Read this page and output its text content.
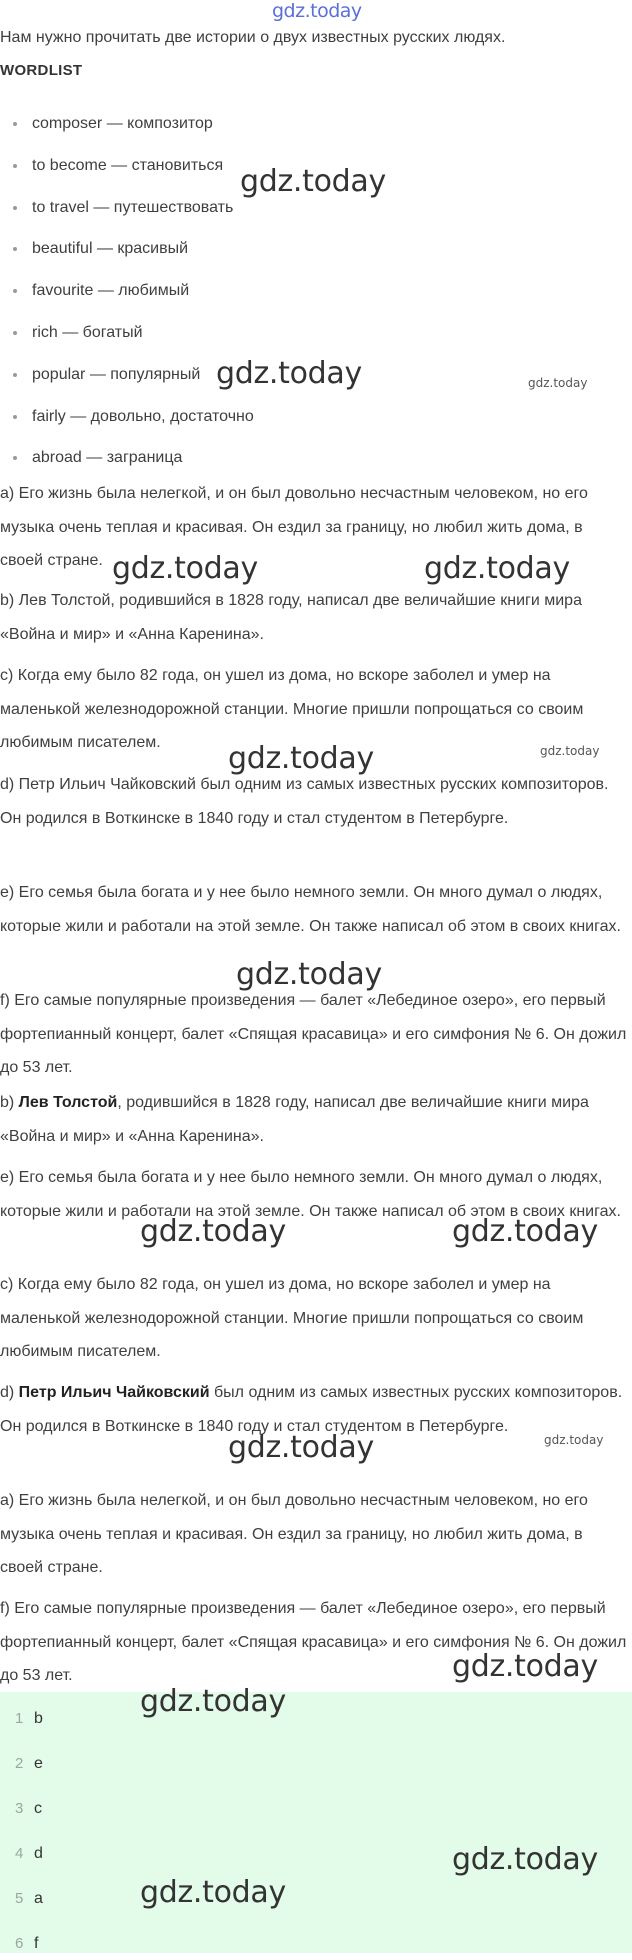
gdz.today
Нам нужно прочитать две истории о двух известных русских людях.
WORDLIST
composer — композитор
to become — становиться
to travel — путешествовать
beautiful — красивый
favourite — любимый
rich — богатый
popular — популярный
fairly — довольно, достаточно
abroad — заграница
a) Его жизнь была нелегкой, и он был довольно несчастным человеком, но его музыка очень теплая и красивая. Он ездил за границу, но любил жить дома, в своей стране.
b) Лев Толстой, родившийся в 1828 году, написал две величайшие книги мира «Война и мир» и «Анна Каренина».
c) Когда ему было 82 года, он ушел из дома, но вскоре заболел и умер на маленькой железнодорожной станции. Многие пришли попрощаться со своим любимым писателем.
d) Петр Ильич Чайковский был одним из самых известных русских композиторов. Он родился в Воткинске в 1840 году и стал студентом в Петербурге.
e) Его семья была богата и у нее было немного земли. Он много думал о людях, которые жили и работали на этой земле. Он также написал об этом в своих книгах.
f) Его самые популярные произведения — балет «Лебединое озеро», его первый фортепианный концерт, балет «Спящая красавица» и его симфония № 6. Он дожил до 53 лет.
b) Лев Толстой, родившийся в 1828 году, написал две величайшие книги мира «Война и мир» и «Анна Каренина».
e) Его семья была богата и у нее было немного земли. Он много думал о людях, которые жили и работали на этой земле. Он также написал об этом в своих книгах.
c) Когда ему было 82 года, он ушел из дома, но вскоре заболел и умер на маленькой железнодорожной станции. Многие пришли попрощаться со своим любимым писателем.
d) Петр Ильич Чайковский был одним из самых известных русских композиторов. Он родился в Воткинске в 1840 году и стал студентом в Петербурге.
a) Его жизнь была нелегкой, и он был довольно несчастным человеком, но его музыка очень теплая и красивая. Он ездил за границу, но любил жить дома, в своей стране.
f) Его самые популярные произведения — балет «Лебединое озеро», его первый фортепианный концерт, балет «Спящая красавица» и его симфония № 6. Он дожил до 53 лет.
1 b
2 e
3 c
4 d
5 a
6 f
gdz.today
gdz.today	gdz.today
gdz.today	gdz.today
gdz.today	gdz.today
gdz.today
gdz.today	gdz.today
gdz.today	gdz.today
gdz.today
gdz.today
gdz.today
gdz.today
